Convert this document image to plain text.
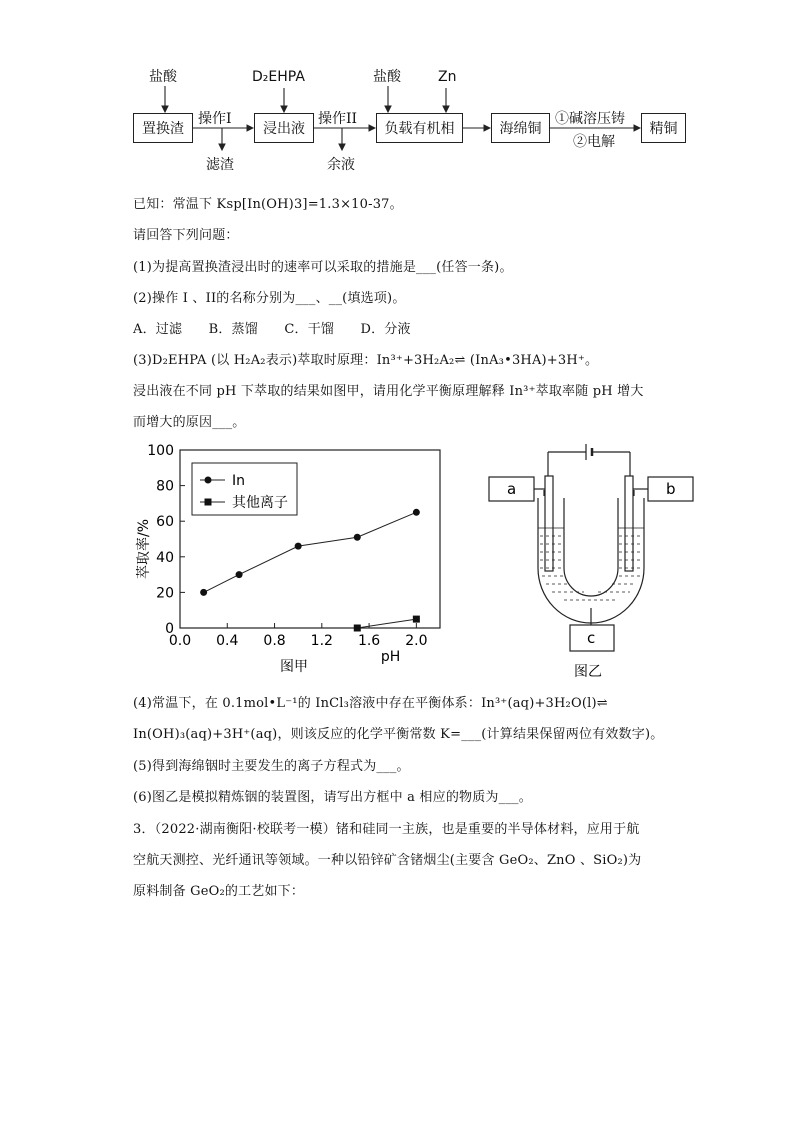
盐酸	D₂EHPA	盐酸	Zn
置换渣	浸出液	负载有机相	海绵铜	精铜
操作I	操作II	①碱溶压铸
②电解
滤渣	余液
已知：常温下 Ksp[In(OH)3]=1.3×10-37。
请回答下列问题：
(1)为提高置换渣浸出时的速率可以采取的措施是___(任答一条)。
(2)操作 I 、II的名称分别为___、__(填选项)。
A．过滤　　B．蒸馏　　C．干馏　　D．分液
(3)D₂EHPA (以 H₂A₂表示)萃取时原理：In³⁺+3H₂A₂⇌ (InA₃•3HA)+3H⁺。
浸出液在不同 pH 下萃取的结果如图甲，请用化学平衡原理解释 In³⁺萃取率随 pH 增大
而增大的原因___。
0.0 0.4 0.8 1.2 1.6 2.0
0
20
40
60
80
100
萃取率/%
pH
图甲
In
其他离子
a	b
c
图乙
(4)常温下，在 0.1mol•L⁻¹的 InCl₃溶液中存在平衡体系：In³⁺(aq)+3H₂O(l)⇌
In(OH)₃(aq)+3H⁺(aq)，则该反应的化学平衡常数 K=___(计算结果保留两位有效数字)。
(5)得到海绵铟时主要发生的离子方程式为___。
(6)图乙是模拟精炼铟的装置图，请写出方框中 a 相应的物质为___。
3．（2022·湖南衡阳·校联考一模）锗和硅同一主族，也是重要的半导体材料，应用于航
空航天测控、光纤通讯等领域。一种以铅锌矿含锗烟尘(主要含 GeO₂、ZnO 、SiO₂)为
原料制备 GeO₂的工艺如下：
